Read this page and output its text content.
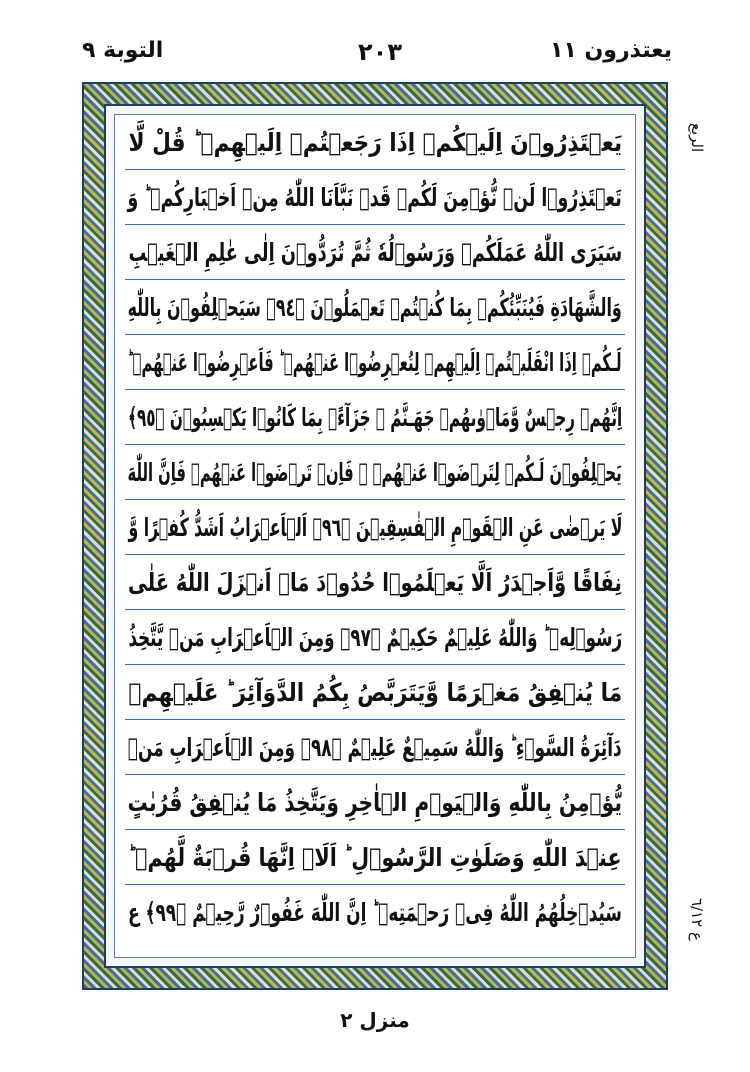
التوبة ٩	٢٠٣	يعتذرون ١١
الربع
ع ٦/١٢
يَعۡتَذِرُوۡنَ اِلَيۡكُمۡ اِذَا رَجَعۡتُمۡ اِلَيۡهِمۡ ؕ قُلْ لَّا
تَعۡتَذِرُوۡا لَنۡ نُّؤۡمِنَ لَكُمۡ قَدۡ نَبَّاَنَا اللّٰهُ مِنۡ اَخۡبَارِكُمۡ ؕ وَ
سَيَرَى اللّٰهُ عَمَلَكُمۡ وَرَسُوۡلُهٗ ثُمَّ تُرَدُّوۡنَ اِلٰى عٰلِمِ الۡغَيۡبِ
وَالشَّهَادَةِ فَيُنَبِّئُكُمۡ بِمَا كُنۡتُمۡ تَعۡمَلُوۡنَ ﴿٩٤﴾ سَيَحۡلِفُوۡنَ بِاللّٰهِ
لَـكُمۡ اِذَا انْقَلَبۡتُمۡ اِلَيۡهِمۡ لِتُعۡرِضُوۡا عَنۡهُمۡ ؕ فَاَعۡرِضُوۡا عَنۡهُمۡ ؕ
اِنَّهُمۡ رِجۡسٌ وَّمَاۡوٰٮهُمۡ جَهَـنَّمُ ۚ جَزَآءًۢ بِمَا كَانُوۡا يَكۡسِبُوۡنَ ﴿٩٥﴾
يَحۡلِفُوۡنَ لَـكُمۡ لِتَرۡضَوۡا عَنۡهُمۡ ۚ فَاِنۡ تَرۡضَوۡا عَنۡهُمۡ فَاِنَّ اللّٰهَ
لَا يَرۡضٰى عَنِ الۡقَوۡمِ الۡفٰسِقِيۡنَ ﴿٩٦﴾ اَلۡاَعۡرَابُ اَشَدُّ كُفۡرًا وَّ
نِفَاقًا وَّاَجۡدَرُ اَلَّا يَعۡلَمُوۡا حُدُوۡدَ مَاۤ اَنۡزَلَ اللّٰهُ عَلٰى
رَسُوۡلِهٖ ؕ وَاللّٰهُ عَلِيۡمٌ حَكِيۡمٌ ﴿٩٧﴾ وَمِنَ الۡاَعۡرَابِ مَنۡ يَّتَّخِذُ
مَا يُنۡفِقُ مَغۡرَمًا وَّيَتَرَبَّصُ بِكُمُ الدَّوَآئِرَ ؕ عَلَيۡهِمۡ
دَآئِرَةُ السَّوۡءِ ؕ وَاللّٰهُ سَمِيۡعٌ عَلِيۡمٌ ﴿٩٨﴾ وَمِنَ الۡاَعۡرَابِ مَنۡ
يُّؤۡمِنُ بِاللّٰهِ وَالۡيَوۡمِ الۡاٰخِرِ وَيَتَّخِذُ مَا يُنۡفِقُ قُرُبٰتٍ
عِنۡدَ اللّٰهِ وَصَلَوٰتِ الرَّسُوۡلِ ؕ اَلَاۤ اِنَّهَا قُرۡبَةٌ لَّهُمۡ ؕ
سَيُدۡخِلُهُمُ اللّٰهُ فِىۡ رَحۡمَتِهٖ ؕ اِنَّ اللّٰهَ غَفُوۡرٌ رَّحِيۡمٌ ﴿٩٩﴾ ع
منزل ٢
